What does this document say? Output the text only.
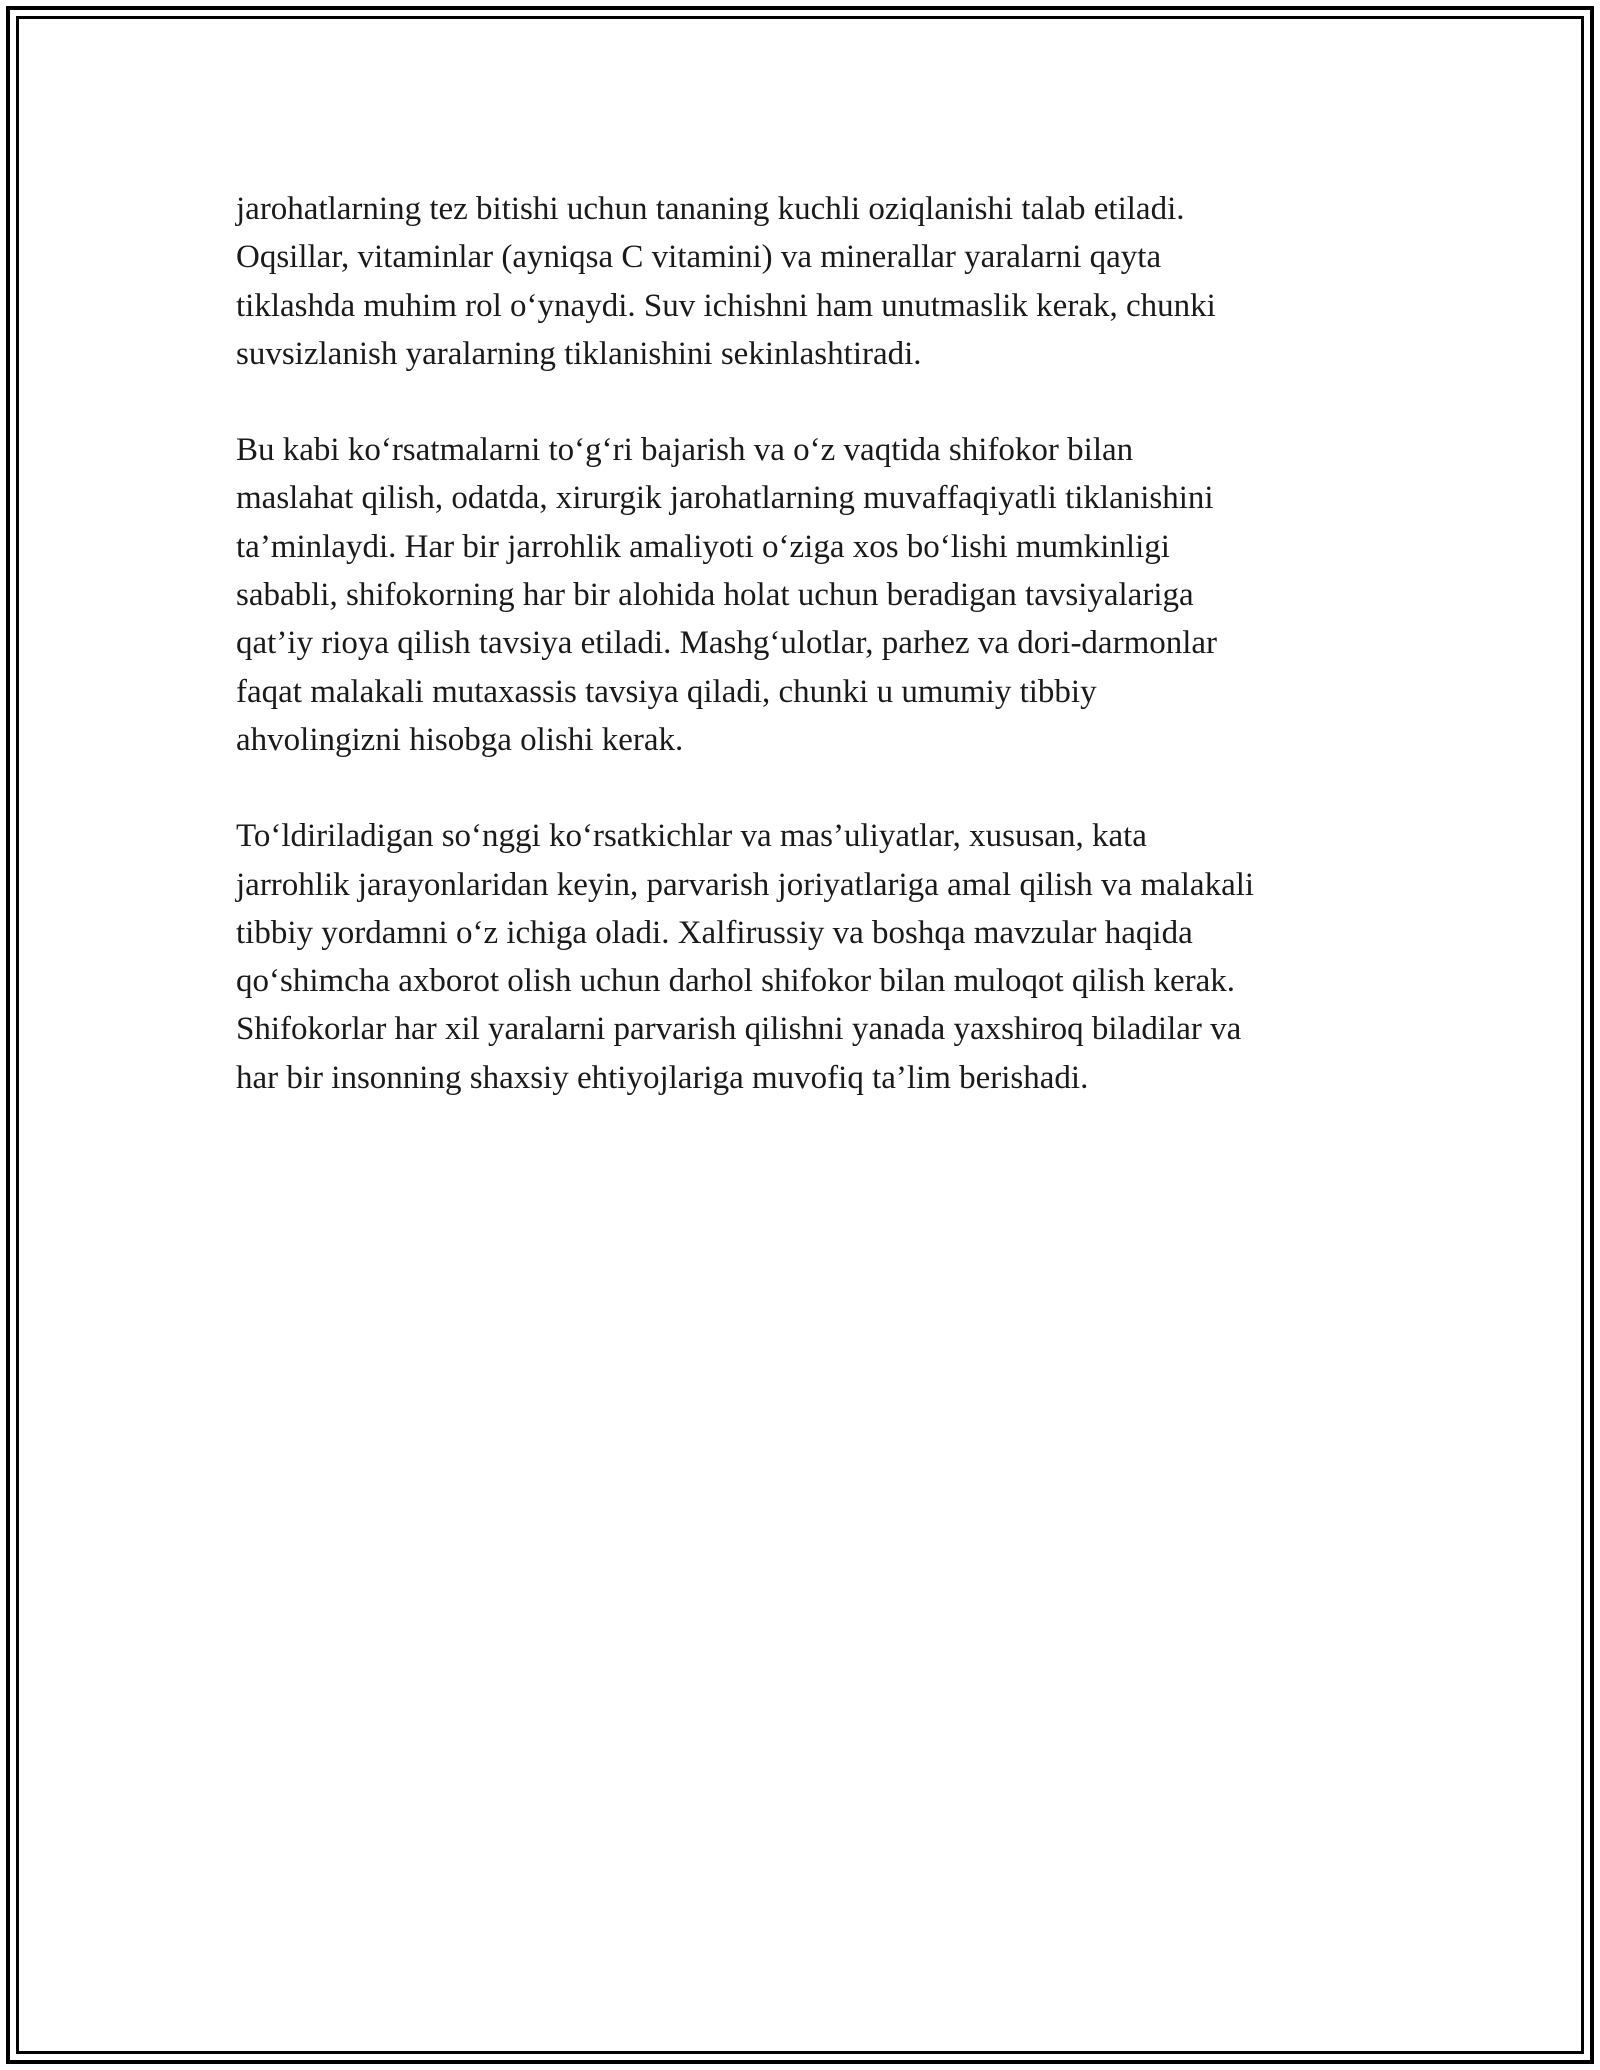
jarohatlarning tez bitishi uchun tananing kuchli oziqlanishi talab etiladi.
Oqsillar, vitaminlar (ayniqsa C vitamini) va minerallar yaralarni qayta
tiklashda muhim rol o‘ynaydi. Suv ichishni ham unutmaslik kerak, chunki
suvsizlanish yaralarning tiklanishini sekinlashtiradi.

Bu kabi ko‘rsatmalarni to‘g‘ri bajarish va o‘z vaqtida shifokor bilan
maslahat qilish, odatda, xirurgik jarohatlarning muvaffaqiyatli tiklanishini
ta’minlaydi. Har bir jarrohlik amaliyoti o‘ziga xos bo‘lishi mumkinligi
sababli, shifokorning har bir alohida holat uchun beradigan tavsiyalariga
qat’iy rioya qilish tavsiya etiladi. Mashg‘ulotlar, parhez va dori-darmonlar
faqat malakali mutaxassis tavsiya qiladi, chunki u umumiy tibbiy
ahvolingizni hisobga olishi kerak.

To‘ldiriladigan so‘nggi ko‘rsatkichlar va mas’uliyatlar, xususan, kata
jarrohlik jarayonlaridan keyin, parvarish joriyatlariga amal qilish va malakali
tibbiy yordamni o‘z ichiga oladi. Xalfirussiy va boshqa mavzular haqida
qo‘shimcha axborot olish uchun darhol shifokor bilan muloqot qilish kerak.
Shifokorlar har xil yaralarni parvarish qilishni yanada yaxshiroq biladilar va
har bir insonning shaxsiy ehtiyojlariga muvofiq ta’lim berishadi.
